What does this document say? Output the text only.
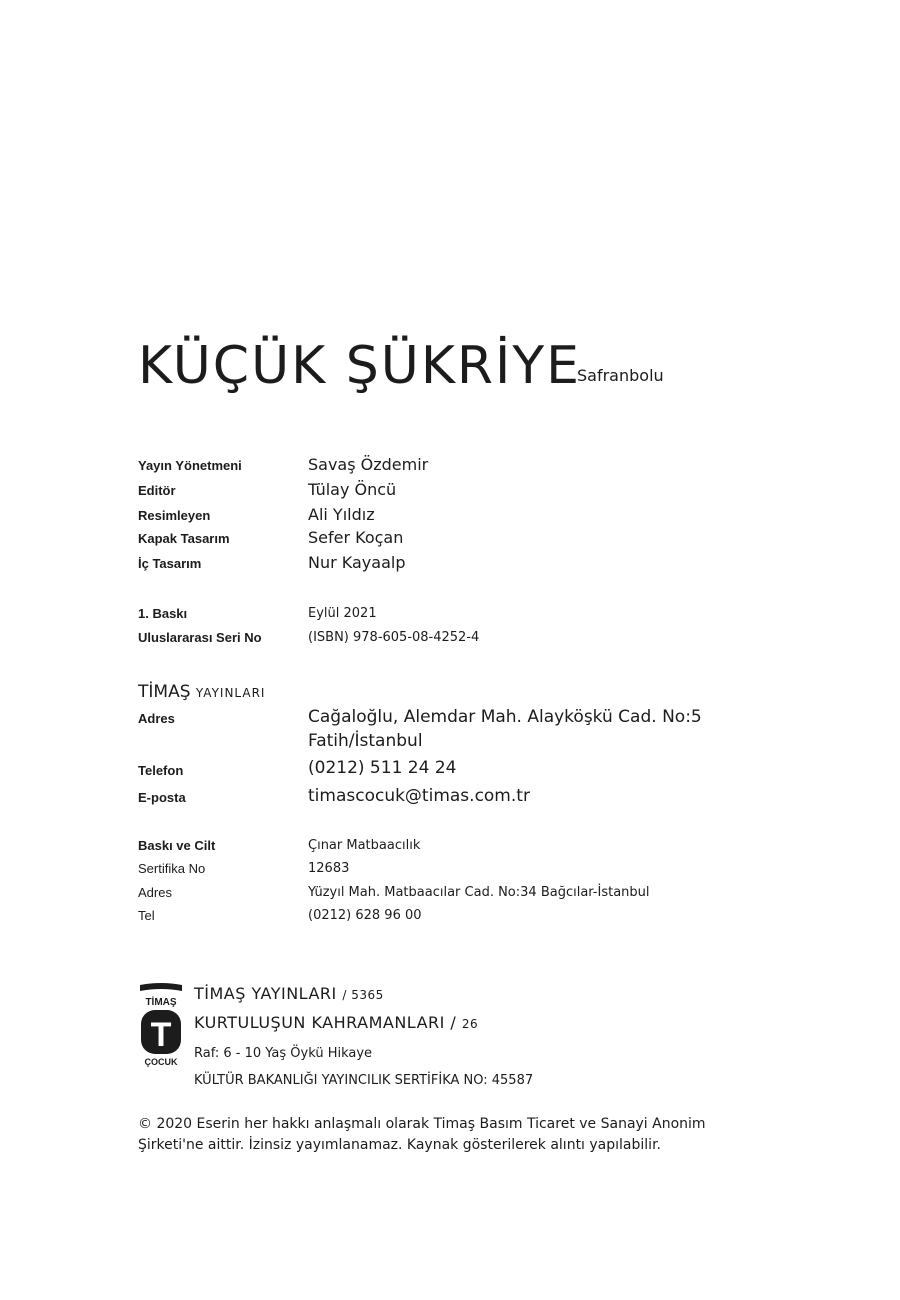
KÜÇÜK ŞÜKRİYE
Safranbolu
Yayın Yönetmeni	Savaş Özdemir
Editör	Tülay Öncü
Resimleyen	Ali Yıldız
Kapak Tasarım	Sefer Koçan
İç Tasarım	Nur Kayaalp
1. Baskı	Eylül 2021
Uluslararası Seri No	(ISBN) 978-605-08-4252-4
TİMAŞ YAYINLARI
Adres	Cağaloğlu, Alemdar Mah. Alayköşkü Cad. No:5
Fatih/İstanbul
Telefon	(0212) 511 24 24
E-posta	timascocuk@timas.com.tr
Baskı ve Cilt	Çınar Matbaacılık
Sertifika No	12683
Adres	Yüzyıl Mah. Matbaacılar Cad. No:34 Bağcılar-İstanbul
Tel	(0212) 628 96 00
TİMAŞ
T
ÇOCUK
TİMAŞ YAYINLARI / 5365
KURTULUŞUN KAHRAMANLARI / 26
Raf: 6 - 10 Yaş Öykü Hikaye
KÜLTÜR BAKANLIĞI YAYINCILIK SERTİFİKA NO: 45587
© 2020 Eserin her hakkı anlaşmalı olarak Timaş Basım Ticaret ve Sanayi Anonim
Şirketi'ne aittir. İzinsiz yayımlanamaz. Kaynak gösterilerek alıntı yapılabilir.
